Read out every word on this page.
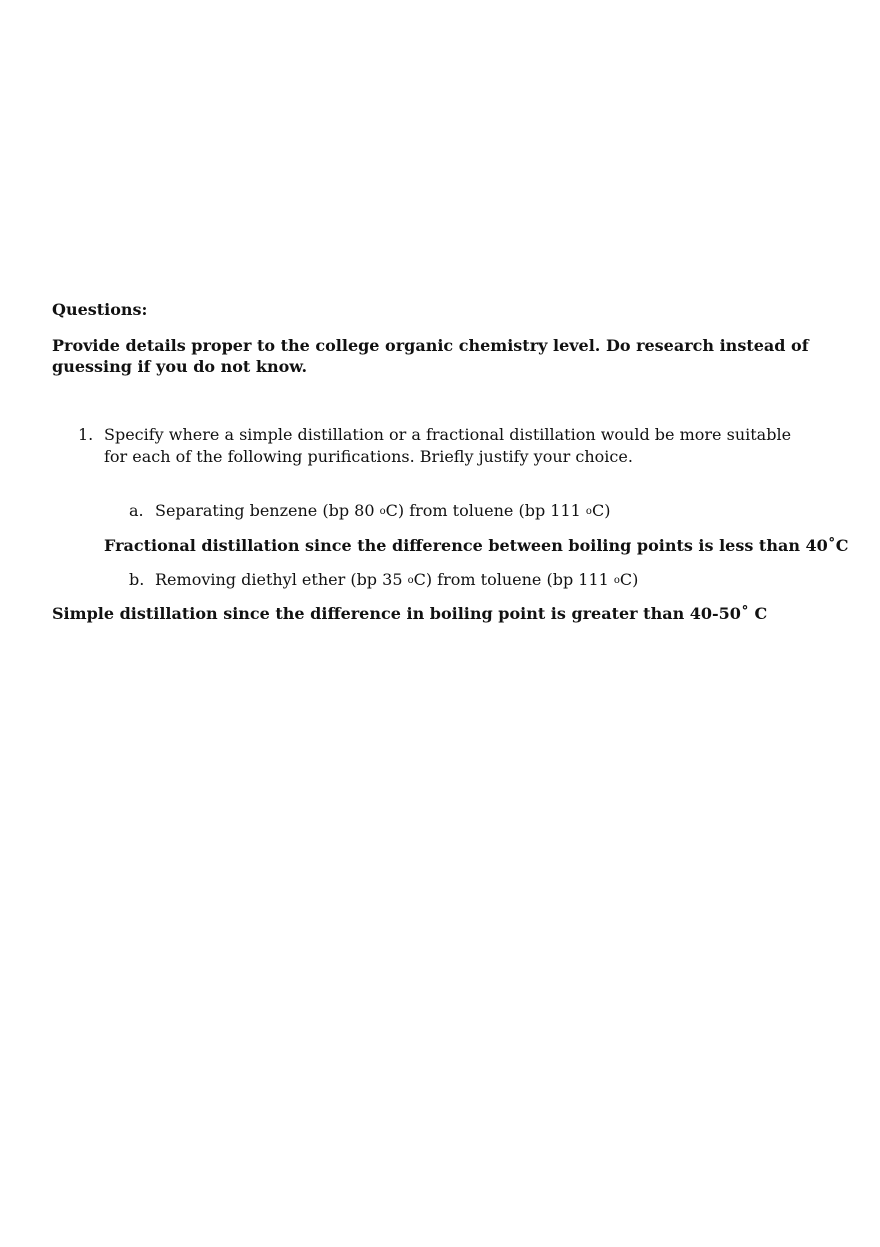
Questions:

Provide details proper to the college organic chemistry level. Do research instead of guessing if you do not know.

1. Specify where a simple distillation or a fractional distillation would be more suitable for each of the following purifications. Briefly justify your choice.
a. Separating benzene (bp 80 $^o$C) from toluene (bp 111 $^o$C)
Fractional distillation since the difference between boiling points is less than 40˚C
b. Removing diethyl ether (bp 35 $^o$C) from toluene (bp 111 $^o$C)
Simple distillation since the difference in boiling point is greater than 40-50˚ C
